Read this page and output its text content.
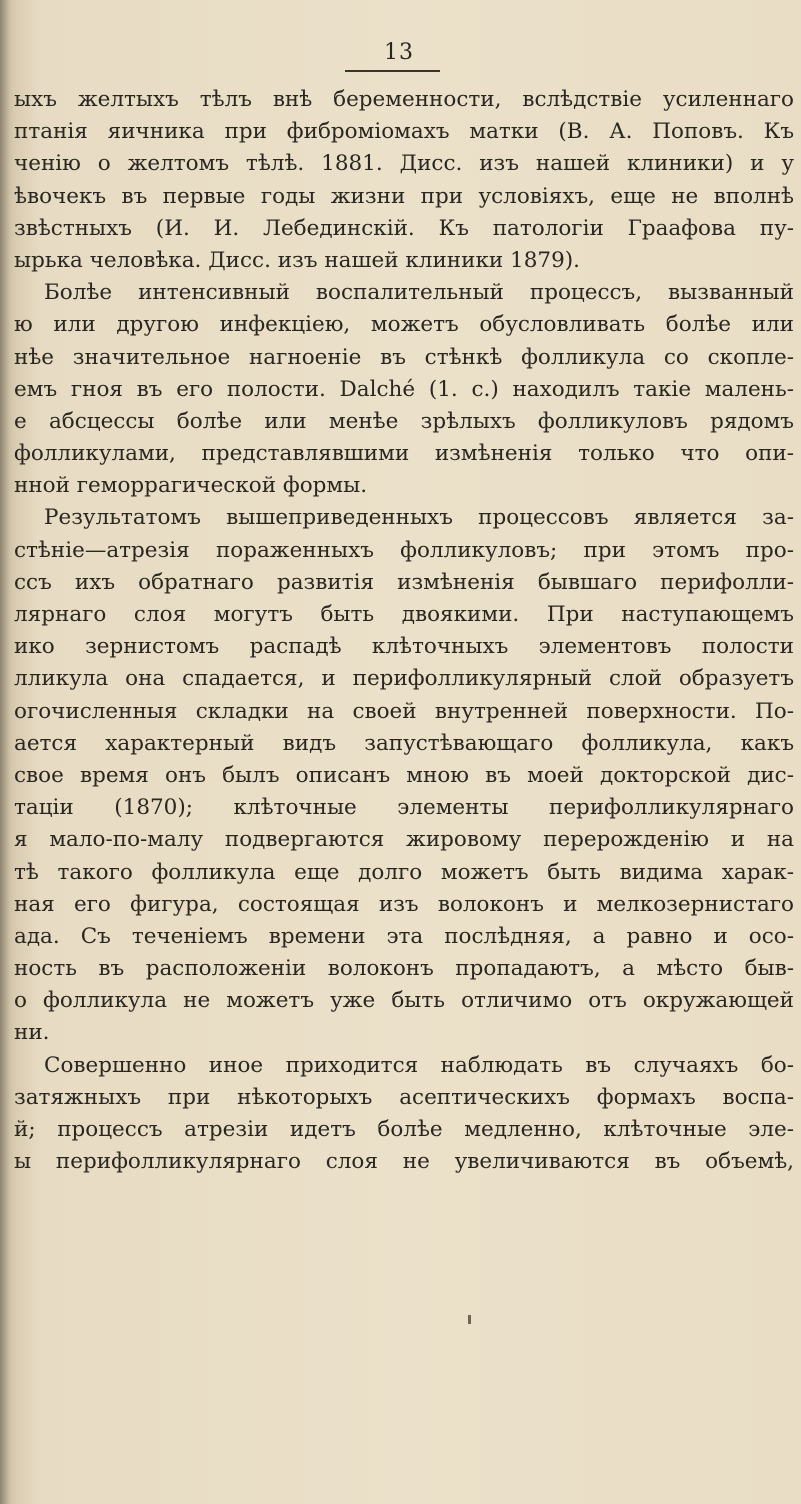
13
ыхъ желтыхъ тѣлъ внѣ беременности, вслѣдствіе усиленнаго
птанія яичника при фиброміомахъ матки (В. А. Поповъ. Къ
ченію о желтомъ тѣлѣ. 1881. Дисс. изъ нашей клиники) и у
ѣвочекъ въ первые годы жизни при условіяхъ, еще не вполнѣ
звѣстныхъ (И. И. Лебединскій. Къ патологіи Граафова пу-
ырька человѣка. Дисс. изъ нашей клиники 1879).
Болѣе интенсивный воспалительный процессъ, вызванный
ю или другою инфекціею, можетъ обусловливать болѣе или
нѣе значительное нагноеніе въ стѣнкѣ фолликула со скопле-
емъ гноя въ его полости. Dalché (1. с.) находилъ такіе малень-
е абсцессы болѣе или менѣе зрѣлыхъ фолликуловъ рядомъ
фолликулами, представлявшими измѣненія только что опи-
нной геморрагической формы.
Результатомъ вышеприведенныхъ процессовъ является за-
стѣніе—атрезія пораженныхъ фолликуловъ; при этомъ про-
ссъ ихъ обратнаго развитія измѣненія бывшаго перифолли-
лярнаго слоя могутъ быть двоякими. При наступающемъ
ико зернистомъ распадѣ клѣточныхъ элементовъ полости
лликула она спадается, и перифолликулярный слой образуетъ
огочисленныя складки на своей внутренней поверхности. По-
ается характерный видъ запустѣвающаго фолликула, какъ
свое время онъ былъ описанъ мною въ моей докторской дис-
таціи (1870); клѣточные элементы перифолликулярнаго
я мало-по-малу подвергаются жировому перерожденію и на
тѣ такого фолликула еще долго можетъ быть видима харак-
ная его фигура, состоящая изъ волоконъ и мелкозернистаго
ада. Съ теченіемъ времени эта послѣдняя, а равно и осо-
ность въ расположеніи волоконъ пропадаютъ, а мѣсто быв-
о фолликула не можетъ уже быть отличимо отъ окружающей
ни.
Совершенно иное приходится наблюдать въ случаяхъ бо-
затяжныхъ при нѣкоторыхъ асептическихъ формахъ воспа-
й; процессъ атрезіи идетъ болѣе медленно, клѣточные эле-
ы перифолликулярнаго слоя не увеличиваются въ объемѣ,
